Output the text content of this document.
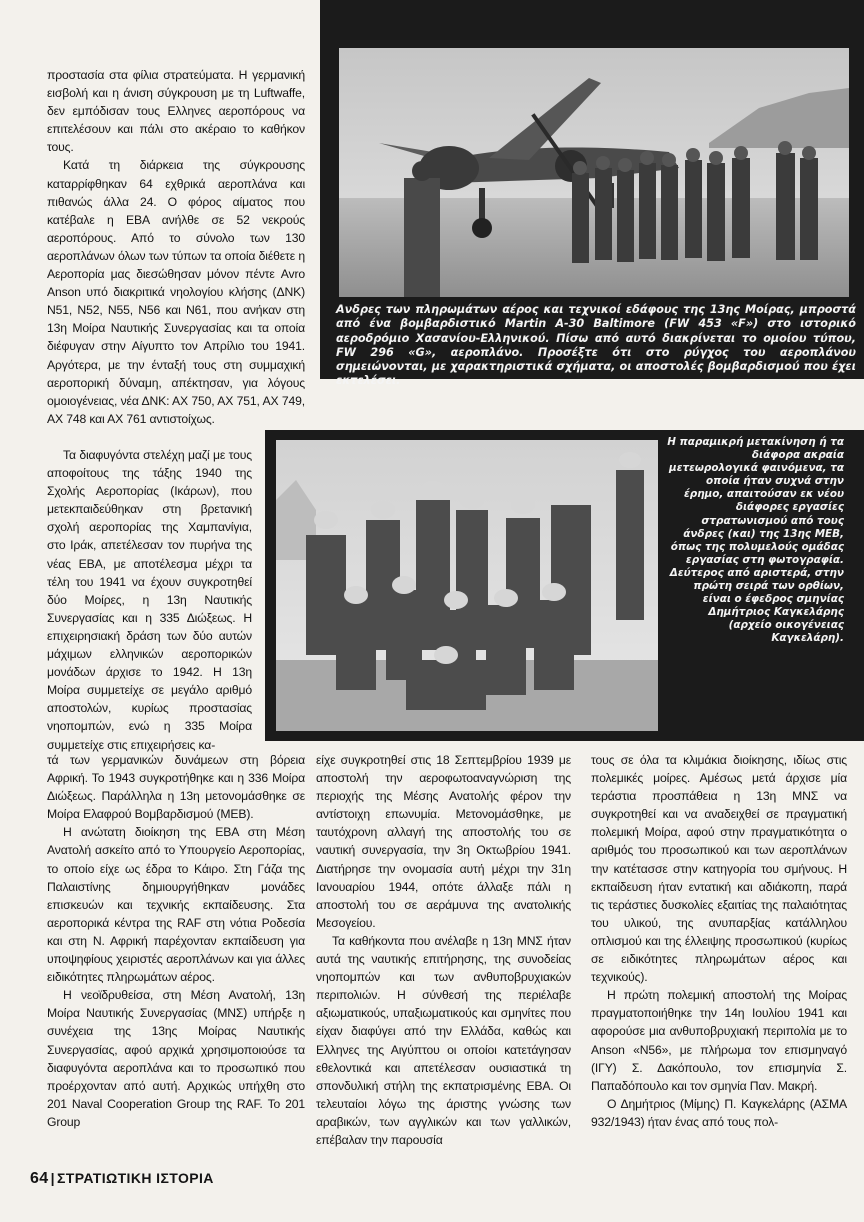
προστασία στα φίλια στρατεύματα. Η γερμανική εισβολή και η άνιση σύγκρουση με τη Luftwaffe, δεν εμπόδισαν τους Ελληνες αεροπόρους να επιτελέσουν και πάλι στο ακέραιο το καθήκον τους.

Κατά τη διάρκεια της σύγκρουσης καταρρίφθηκαν 64 εχθρικά αεροπλάνα και πιθανώς άλλα 24. Ο φόρος αίματος που κατέβαλε η ΕΒΑ ανήλθε σε 52 νεκρούς αεροπόρους. Από το σύνολο των 130 αεροπλάνων όλων των τύπων τα οποία διέθετε η Αεροπορία μας διεσώθησαν μόνον πέντε Avro Anson υπό διακριτικά νηολογίου κλήσης (ΔΝΚ) Ν51, Ν52, Ν55, Ν56 και Ν61, που ανήκαν στη 13η Μοίρα Ναυτικής Συνεργασίας και τα οποία διέφυγαν στην Αίγυπτο τον Απρίλιο του 1941. Αργότερα, με την ένταξή τους στη συμμαχική αεροπορική δύναμη, απέκτησαν, για λόγους ομοιογένειας, νέα ΔΝΚ: ΑΧ 750, ΑΧ 751, ΑΧ 749, ΑΧ 748 και ΑΧ 761 αντιστοίχως.

Τα διαφυγόντα στελέχη μαζί με τους αποφοίτους της τάξης 1940 της Σχολής Αεροπορίας (Ικάρων), που μετεκπαιδεύθηκαν στη βρετανική σχολή αεροπορίας της Χαμπανίγια, στο Ιράκ, απετέλεσαν τον πυρήνα της νέας ΕΒΑ, με αποτέλεσμα μέχρι τα τέλη του 1941 να έχουν συγκροτηθεί δύο Μοίρες, η 13η Ναυτικής Συνεργασίας και η 335 Διώξεως. Η επιχειρησιακή δράση των δύο αυτών μάχιμων ελληνικών αεροπορικών μονάδων άρχισε το 1942. Η 13η Μοίρα συμμετείχε σε μεγάλο αριθμό αποστολών, κυρίως προστασίας νηοπομπών, ενώ η 335 Μοίρα συμμετείχε στις επιχειρήσεις κα-

τά των γερμανικών δυνάμεων στη βόρεια Αφρική. Το 1943 συγκροτήθηκε και η 336 Μοίρα Διώξεως. Παράλληλα η 13η μετονομάσθηκε σε Μοίρα Ελαφρού Βομβαρδισμού (ΜΕΒ).

Η ανώτατη διοίκηση της ΕΒΑ στη Μέση Ανατολή ασκείτο από το Υπουργείο Αεροπορίας, το οποίο είχε ως έδρα το Κάιρο. Στη Γάζα της Παλαιστίνης δημιουργήθηκαν μονάδες επισκευών και τεχνικής εκπαίδευσης. Στα αεροπορικά κέντρα της RAF στη νότια Ροδεσία και στη Ν. Αφρική παρέχονταν εκπαίδευση για υποψηφίους χειριστές αεροπλάνων και για άλλες ειδικότητες πληρωμάτων αέρος.

Η νεοϊδρυθείσα, στη Μέση Ανατολή, 13η Μοίρα Ναυτικής Συνεργασίας (ΜΝΣ) υπήρξε η συνέχεια της 13ης Μοίρας Ναυτικής Συνεργασίας, αφού αρχικά χρησιμοποιούσε τα διαφυγόντα αεροπλάνα και το προσωπικό που προέρχονταν από αυτή. Αρχικώς υπήχθη στο 201 Naval Cooperation Group της RAF. Το 201 Group

είχε συγκροτηθεί στις 18 Σεπτεμβρίου 1939 με αποστολή την αεροφωτοαναγνώριση της περιοχής της Μέσης Ανατολής φέρον την αντίστοιχη επωνυμία. Μετονομάσθηκε, με ταυτόχρονη αλλαγή της αποστολής του σε ναυτική συνεργασία, την 3η Οκτωβρίου 1941. Διατήρησε την ονομασία αυτή μέχρι την 31η Ιανουαρίου 1944, οπότε άλλαξε πάλι η αποστολή του σε αεράμυνα της ανατολικής Μεσογείου.

Τα καθήκοντα που ανέλαβε η 13η ΜΝΣ ήταν αυτά της ναυτικής επιτήρησης, της συνοδείας νηοπομπών και των ανθυποβρυχιακών περιπολιών. Η σύνθεσή της περιέλαβε αξιωματικούς, υπαξιωματικούς και σμηνίτες που είχαν διαφύγει από την Ελλάδα, καθώς και Ελληνες της Αιγύπτου οι οποίοι κατετάγησαν εθελοντικά και απετέλεσαν ουσιαστικά τη σπονδυλική στήλη της εκπατρισμένης ΕΒΑ. Οι τελευταίοι λόγω της άριστης γνώσης των αραβικών, των αγγλικών και των γαλλικών, επέβαλαν την παρουσία

τους σε όλα τα κλιμάκια διοίκησης, ιδίως στις πολεμικές μοίρες. Αμέσως μετά άρχισε μία τεράστια προσπάθεια η 13η ΜΝΣ να συγκροτηθεί και να αναδειχθεί σε πραγματική πολεμική Μοίρα, αφού στην πραγματικότητα ο αριθμός του προσωπικού και των αεροπλάνων την κατέτασσε στην κατηγορία του σμήνους. Η εκπαίδευση ήταν εντατική και αδιάκοπη, παρά τις τεράστιες δυσκολίες εξαιτίας της παλαιότητας του υλικού, της ανυπαρξίας κατάλληλου οπλισμού και της έλλειψης προσωπικού (κυρίως σε ειδικότητες πληρωμάτων αέρος και τεχνικούς).

Η πρώτη πολεμική αποστολή της Μοίρας πραγματοποιήθηκε την 14η Ιουλίου 1941 και αφορούσε μια ανθυποβρυχιακή περιπολία με το Anson «Ν56», με πλήρωμα τον επισμηναγό (ΙΓΥ) Σ. Δακόπουλο, τον επισμηνία Σ. Παπαδόπουλο και τον σμηνία Παν. Μακρή.

Ο Δημήτριος (Μίμης) Π. Καγκελάρης (ΑΣΜΑ 932/1943) ήταν ένας από τους πολ-

Ανδρες των πληρωμάτων αέρος και τεχνικοί εδάφους της 13ης Μοίρας, μπροστά από ένα βομβαρδιστικό Martin A-30 Baltimore (FW 453 «F») στο ιστορικό αεροδρόμιο Χασανίου-Ελληνικού. Πίσω από αυτό διακρίνεται το ομοίου τύπου, FW 296 «G», αεροπλάνο. Προσέξτε ότι στο ρύγχος του αεροπλάνου σημειώνονται, με χαρακτηριστικά σχήματα, οι αποστολές βομβαρδισμού που έχει εκτελέσει.
Η παραμικρή μετακίνηση ή τα διάφορα ακραία μετεωρολογικά φαινόμενα, τα οποία ήταν συχνά στην έρημο, απαιτούσαν εκ νέου διάφορες εργασίες στρατωνισμού από τους άνδρες (και) της 13ης ΜΕΒ, όπως της πολυμελούς ομάδας εργασίας στη φωτογραφία. Δεύτερος από αριστερά, στην πρώτη σειρά των ορθίων, είναι ο έφεδρος σμηνίας Δημήτριος Καγκελάρης (αρχείο οικογένειας Καγκελάρη).
64 | ΣΤΡΑΤΙΩΤΙΚΗ ΙΣΤΟΡΙΑ
